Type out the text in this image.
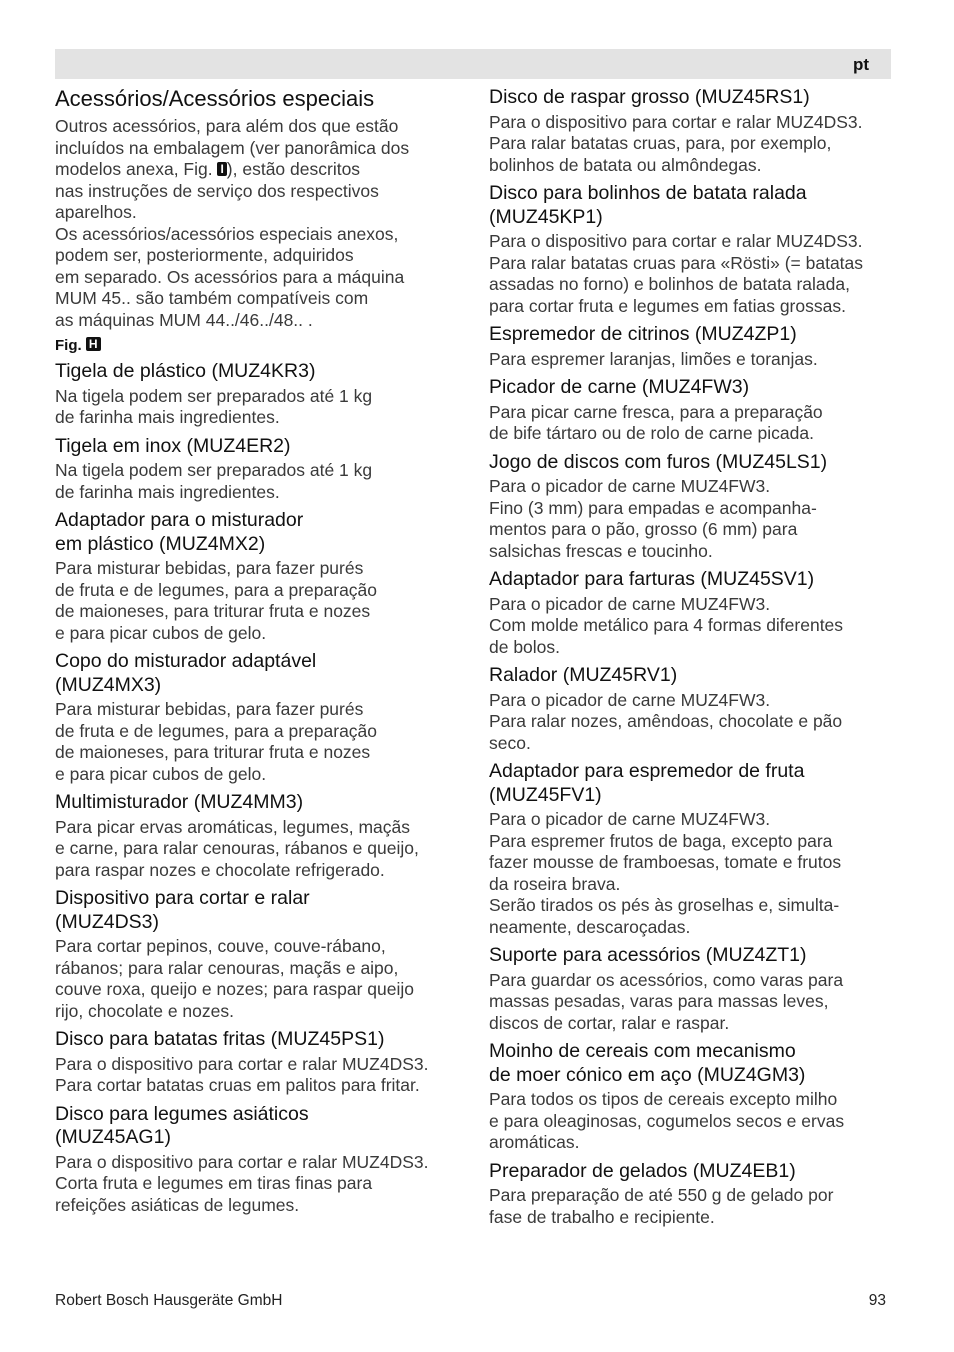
pt
Acessórios/Acessórios especiais

Outros acessórios, para além dos que estão
incluídos na embalagem (ver panorâmica dos
modelos anexa, Fig. I ), estão descritos
nas instruções de serviço dos respectivos
aparelhos.

Os acessórios/acessórios especiais anexos,
podem ser, posteriormente, adquiridos
em separado. Os acessórios para a máquina
MUM 45.. são também compatíveis com
as máquinas MUM 44../46../48.. .

Fig. H
Tigela de plástico (MUZ4KR3)

Na tigela podem ser preparados até 1 kg
de farinha mais ingredientes.

Tigela em inox (MUZ4ER2)

Na tigela podem ser preparados até 1 kg
de farinha mais ingredientes.

Adaptador para o misturador
em plástico (MUZ4MX2)

Para misturar bebidas, para fazer purés
de fruta e de legumes, para a preparação
de maioneses, para triturar fruta e nozes
e para picar cubos de gelo.

Copo do misturador adaptável
(MUZ4MX3)

Para misturar bebidas, para fazer purés
de fruta e de legumes, para a preparação
de maioneses, para triturar fruta e nozes
e para picar cubos de gelo.

Multimisturador (MUZ4MM3)

Para picar ervas aromáticas, legumes, maçãs
e carne, para ralar cenouras, rábanos e queijo,
para raspar nozes e chocolate refrigerado.

Dispositivo para cortar e ralar
(MUZ4DS3)

Para cortar pepinos, couve, couve-rábano,
rábanos; para ralar cenouras, maçãs e aipo,
couve roxa, queijo e nozes; para raspar queijo
rijo, chocolate e nozes.

Disco para batatas fritas (MUZ45PS1)

Para o dispositivo para cortar e ralar MUZ4DS3.
Para cortar batatas cruas em palitos para fritar.

Disco para legumes asiáticos
(MUZ45AG1)

Para o dispositivo para cortar e ralar MUZ4DS3.
Corta fruta e legumes em tiras finas para
refeições asiáticas de legumes.

Disco de raspar grosso (MUZ45RS1)

Para o dispositivo para cortar e ralar MUZ4DS3.
Para ralar batatas cruas, para, por exemplo,
bolinhos de batata ou almôndegas.

Disco para bolinhos de batata ralada
(MUZ45KP1)

Para o dispositivo para cortar e ralar MUZ4DS3.
Para ralar batatas cruas para «Rösti» (= batatas
assadas no forno) e bolinhos de batata ralada,
para cortar fruta e legumes em fatias grossas.

Espremedor de citrinos (MUZ4ZP1)

Para espremer laranjas, limões e toranjas.

Picador de carne (MUZ4FW3)

Para picar carne fresca, para a preparação
de bife tártaro ou de rolo de carne picada.

Jogo de discos com furos (MUZ45LS1)

Para o picador de carne MUZ4FW3.
Fino (3 mm) para empadas e acompanha-
mentos para o pão, grosso (6 mm) para
salsichas frescas e toucinho.

Adaptador para farturas (MUZ45SV1)

Para o picador de carne MUZ4FW3.
Com molde metálico para 4 formas diferentes
de bolos.

Ralador (MUZ45RV1)

Para o picador de carne MUZ4FW3.
Para ralar nozes, amêndoas, chocolate e pão
seco.

Adaptador para espremedor de fruta
(MUZ45FV1)

Para o picador de carne MUZ4FW3.
Para espremer frutos de baga, excepto para
fazer mousse de framboesas, tomate e frutos
da roseira brava.
Serão tirados os pés às groselhas e, simulta-
neamente, descaroçadas.

Suporte para acessórios (MUZ4ZT1)

Para guardar os acessórios, como varas para
massas pesadas, varas para massas leves,
discos de cortar, ralar e raspar.

Moinho de cereais com mecanismo
de moer cónico em aço (MUZ4GM3)

Para todos os tipos de cereais excepto milho
e para oleaginosas, cogumelos secos e ervas
aromáticas.

Preparador de gelados (MUZ4EB1)

Para preparação de até 550 g de gelado por
fase de trabalho e recipiente.

Robert Bosch Hausgeräte GmbH	93
